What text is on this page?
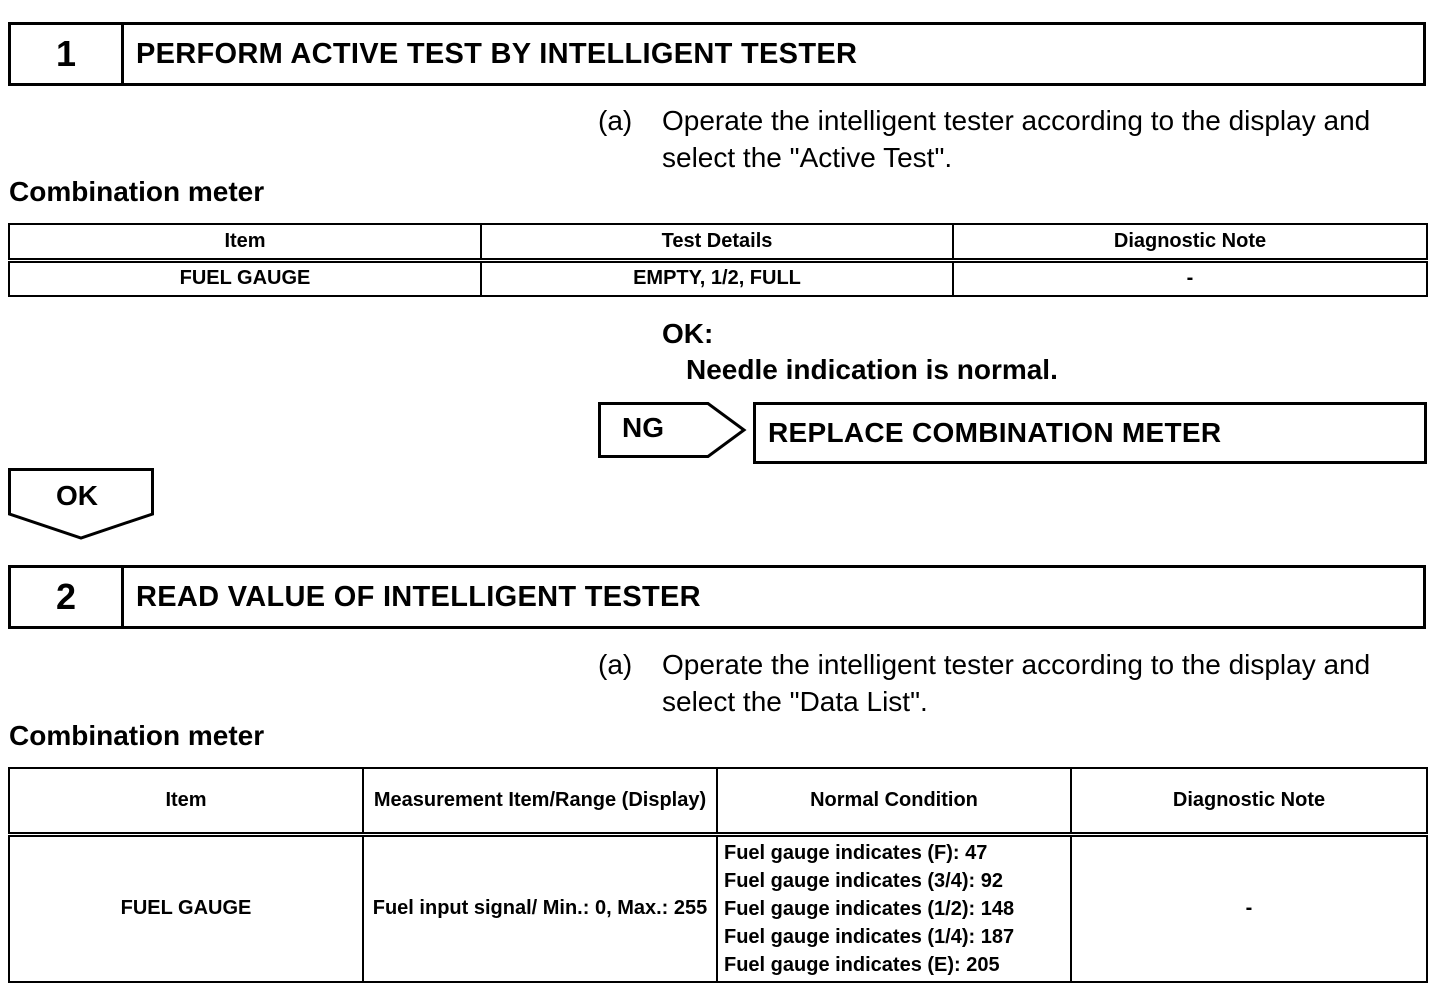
1	PERFORM ACTIVE TEST BY INTELLIGENT TESTER
(a) Operate the intelligent tester according to the display and select the "Active Test".
Combination meter
Item	Test Details	Diagnostic Note
FUEL GAUGE	EMPTY, 1/2, FULL	-
OK:
Needle indication is normal.
NG	REPLACE COMBINATION METER
OK
2	READ VALUE OF INTELLIGENT TESTER
(a) Operate the intelligent tester according to the display and select the "Data List".
Combination meter
Item	Measurement Item/Range (Display)	Normal Condition	Diagnostic Note
FUEL GAUGE	Fuel input signal/ Min.: 0, Max.: 255	Fuel gauge indicates (F): 47
Fuel gauge indicates (3/4): 92
Fuel gauge indicates (1/2): 148
Fuel gauge indicates (1/4): 187
Fuel gauge indicates (E): 205	-
